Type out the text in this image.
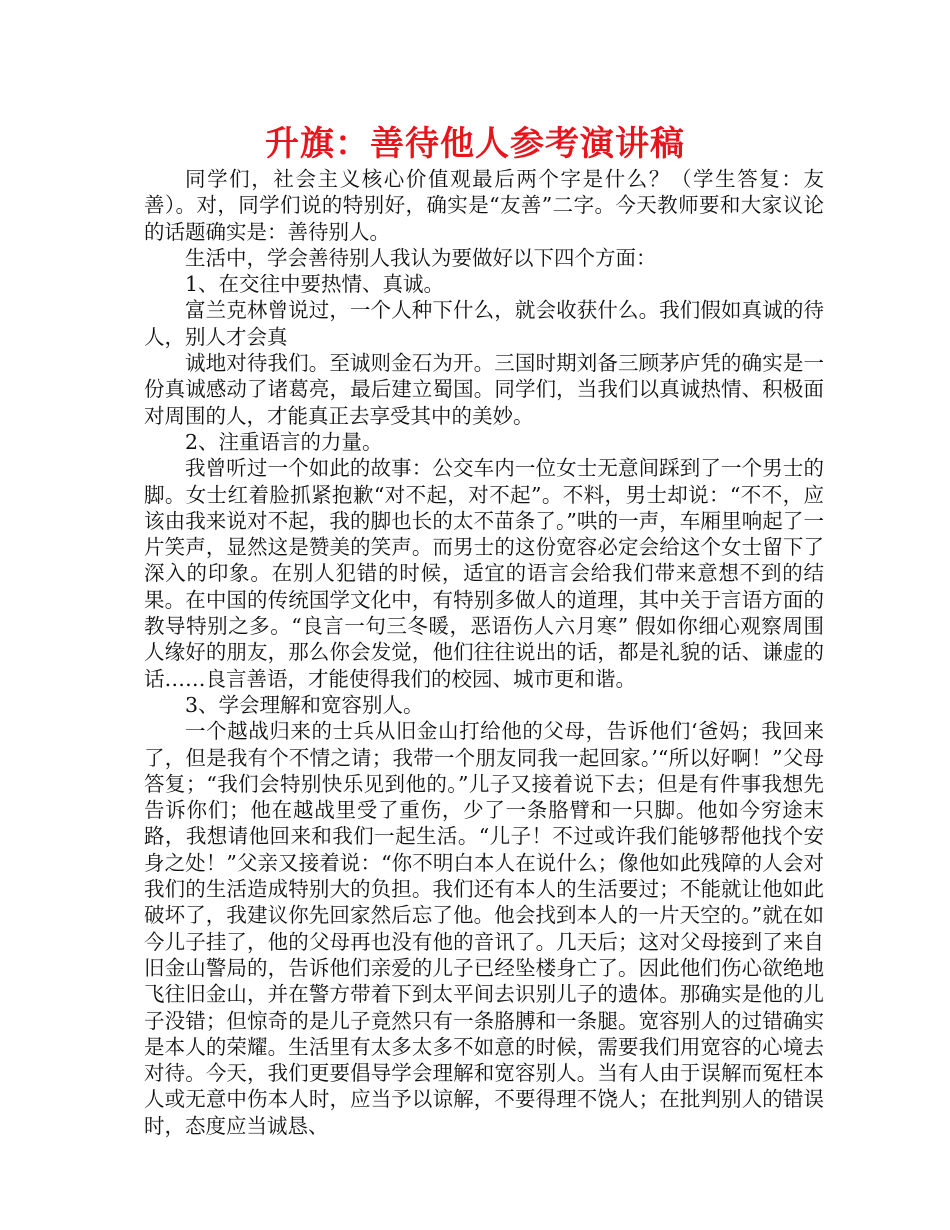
升旗：善待他人参考演讲稿

同学们，社会主义核心价值观最后两个字是什么？（学生答复：友善）。对，同学们说的特别好，确实是“友善”二字。今天教师要和大家议论的话题确实是：善待别人。

生活中，学会善待别人我认为要做好以下四个方面：

1、在交往中要热情、真诚。

富兰克林曾说过，一个人种下什么，就会收获什么。我们假如真诚的待人，别人才会真

诚地对待我们。至诚则金石为开。三国时期刘备三顾茅庐凭的确实是一份真诚感动了诸葛亮，最后建立蜀国。同学们，当我们以真诚热情、积极面对周围的人，才能真正去享受其中的美妙。

2、注重语言的力量。

我曾听过一个如此的故事：公交车内一位女士无意间踩到了一个男士的脚。女士红着脸抓紧抱歉“对不起，对不起”。不料，男士却说：“不不，应该由我来说对不起，我的脚也长的太不苗条了。”哄的一声，车厢里响起了一片笑声，显然这是赞美的笑声。而男士的这份宽容必定会给这个女士留下了深入的印象。在别人犯错的时候，适宜的语言会给我们带来意想不到的结果。在中国的传统国学文化中，有特别多做人的道理，其中关于言语方面的教导特别之多。“良言一句三冬暖，恶语伤人六月寒” 假如你细心观察周围人缘好的朋友，那么你会发觉，他们往往说出的话，都是礼貌的话、谦虚的话……良言善语，才能使得我们的校园、城市更和谐。

3、学会理解和宽容别人。

一个越战归来的士兵从旧金山打给他的父母，告诉他们‘爸妈；我回来了，但是我有个不情之请；我带一个朋友同我一起回家。’“所以好啊！”父母答复；“我们会特别快乐见到他的。”儿子又接着说下去；但是有件事我想先告诉你们；他在越战里受了重伤，少了一条胳臂和一只脚。他如今穷途末路，我想请他回来和我们一起生活。“儿子！不过或许我们能够帮他找个安身之处！”父亲又接着说：“你不明白本人在说什么；像他如此残障的人会对我们的生活造成特别大的负担。我们还有本人的生活要过；不能就让他如此破坏了，我建议你先回家然后忘了他。他会找到本人的一片天空的。”就在如今儿子挂了，他的父母再也没有他的音讯了。几天后；这对父母接到了来自旧金山警局的，告诉他们亲爱的儿子已经坠楼身亡了。因此他们伤心欲绝地飞往旧金山，并在警方带着下到太平间去识别儿子的遗体。那确实是他的儿子没错；但惊奇的是儿子竟然只有一条胳膊和一条腿。宽容别人的过错确实是本人的荣耀。生活里有太多太多不如意的时候，需要我们用宽容的心境去对待。今天，我们更要倡导学会理解和宽容别人。当有人由于误解而冤枉本人或无意中伤本人时，应当予以谅解，不要得理不饶人；在批判别人的错误时，态度应当诚恳、
